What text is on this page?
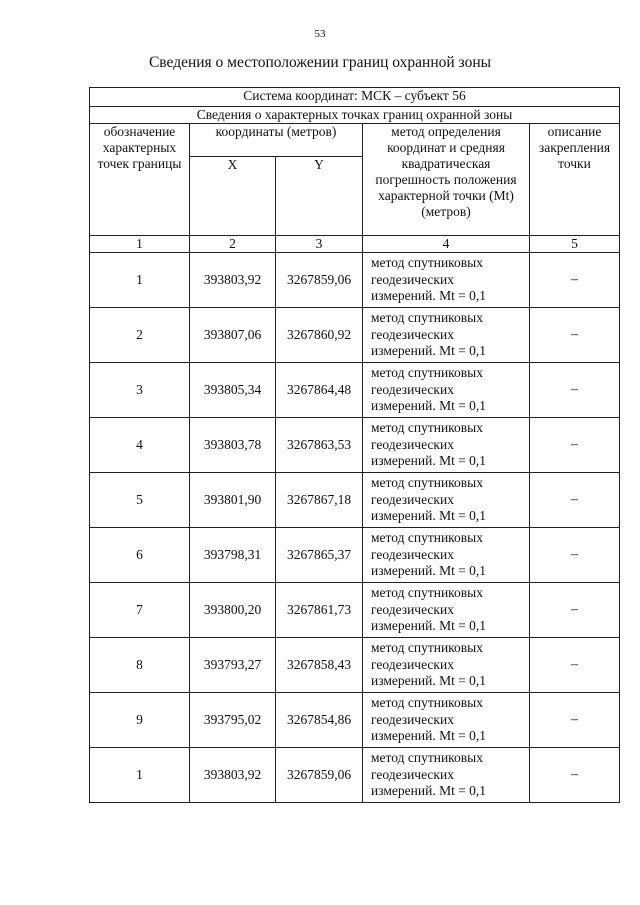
53
Сведения о местоположении границ охранной зоны
Система координат: МСК – субъект 56				
Сведения о характерных точках границ охранной зоны				
обозначение характерных точек границы	координаты (метров)		метод определения координат и средняя квадратическая погрешность положения характерной точки (Mt) (метров)	описание закрепления точки
	X	Y		
1	2	3	4	5
1	393803,92	3267859,06	метод спутниковых
геодезических
измерений. Mt = 0,1	–
2	393807,06	3267860,92	метод спутниковых
геодезических
измерений. Mt = 0,1	–
3	393805,34	3267864,48	метод спутниковых
геодезических
измерений. Mt = 0,1	–
4	393803,78	3267863,53	метод спутниковых
геодезических
измерений. Mt = 0,1	–
5	393801,90	3267867,18	метод спутниковых
геодезических
измерений. Mt = 0,1	–
6	393798,31	3267865,37	метод спутниковых
геодезических
измерений. Mt = 0,1	–
7	393800,20	3267861,73	метод спутниковых
геодезических
измерений. Mt = 0,1	–
8	393793,27	3267858,43	метод спутниковых
геодезических
измерений. Mt = 0,1	–
9	393795,02	3267854,86	метод спутниковых
геодезических
измерений. Mt = 0,1	–
1	393803,92	3267859,06	метод спутниковых
геодезических
измерений. Mt = 0,1	–
